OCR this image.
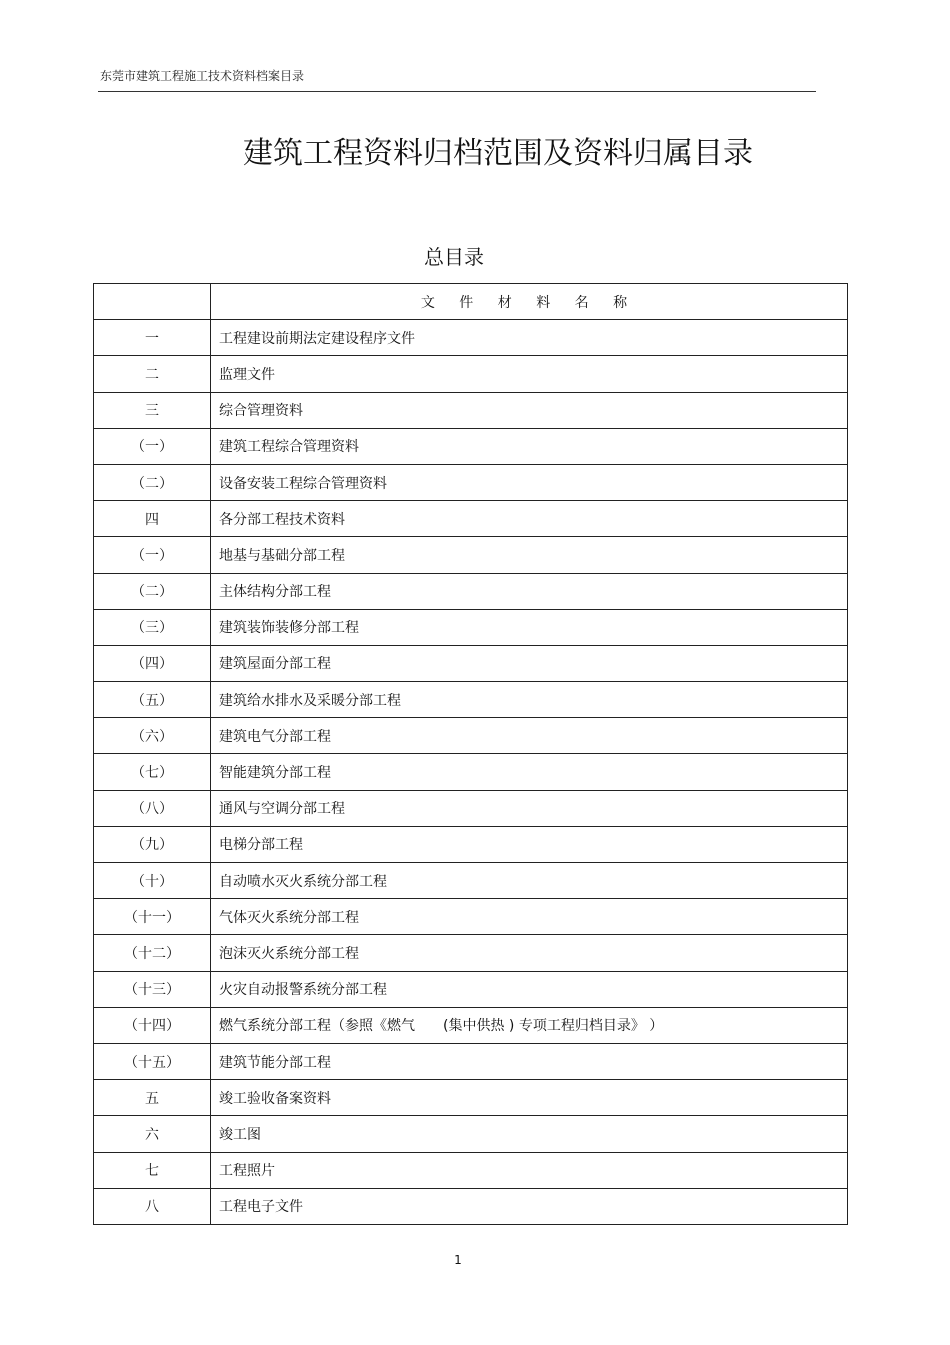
东莞市建筑工程施工技术资料档案目录
建筑工程资料归档范围及资料归属目录
总目录
	文 件 材 料 名 称
一	工程建设前期法定建设程序文件
二	监理文件
三	综合管理资料
（一）	建筑工程综合管理资料
（二）	设备安装工程综合管理资料
四	各分部工程技术资料
（一）	地基与基础分部工程
（二）	主体结构分部工程
（三）	建筑装饰装修分部工程
（四）	建筑屋面分部工程
（五）	建筑给水排水及采暖分部工程
（六）	建筑电气分部工程
（七）	智能建筑分部工程
（八）	通风与空调分部工程
（九）	电梯分部工程
（十）	自动喷水灭火系统分部工程
（十一）	气体灭火系统分部工程
（十二）	泡沫灭火系统分部工程
（十三）	火灾自动报警系统分部工程
（十四）	燃气系统分部工程（参照《燃气　　(集中供热 ) 专项工程归档目录》 ）
（十五）	建筑节能分部工程
五	竣工验收备案资料
六	竣工图
七	工程照片
八	工程电子文件
1
